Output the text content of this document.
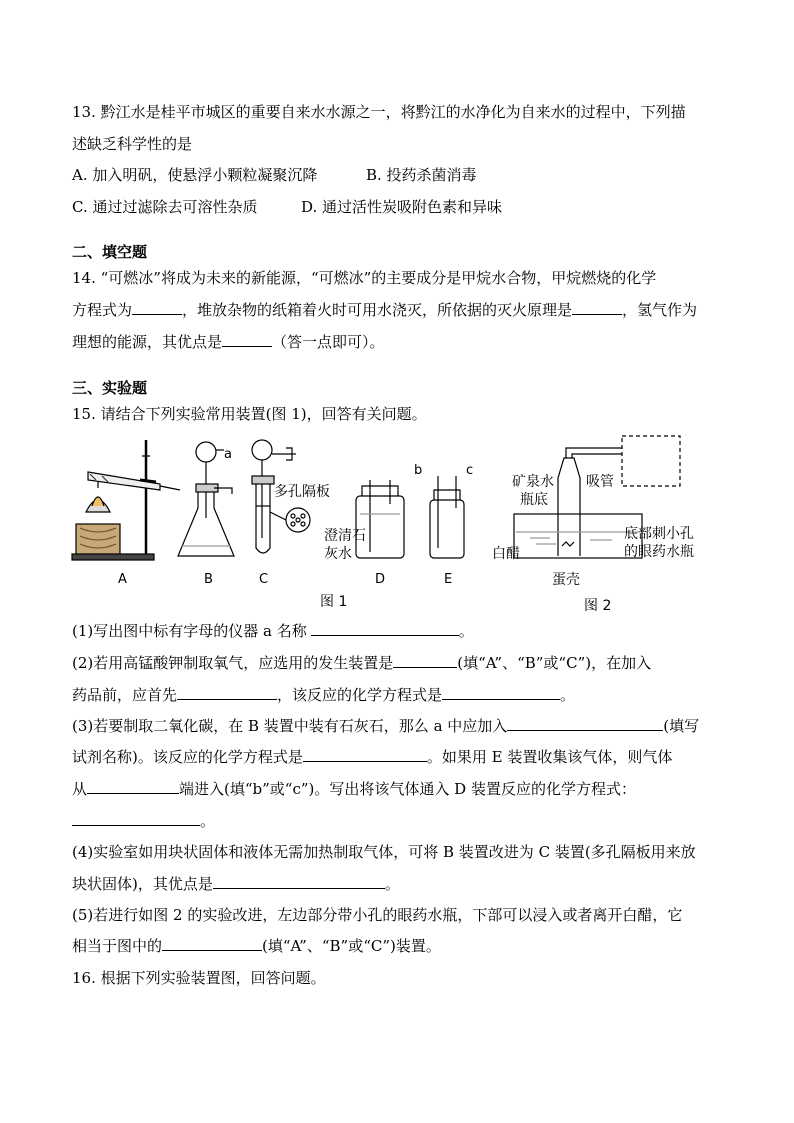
13. 黔江水是桂平市城区的重要自来水水源之一，将黔江的水净化为自来水的过程中，下列描
述缺乏科学性的是
A. 加入明矾，使悬浮小颗粒凝聚沉降	B. 投药杀菌消毒
C. 通过过滤除去可溶性杂质	D. 通过活性炭吸附色素和异味
二、填空题
14. “可燃冰”将成为未来的新能源，“可燃冰”的主要成分是甲烷水合物，甲烷燃烧的化学
方程式为	，堆放杂物的纸箱着火时可用水浇灭，所依据的灭火原理是	，氢气作为
理想的能源，其优点是	（答一点即可）。
三、实验题
15. 请结合下列实验常用装置(图 1)，回答有关问题。
A
a
B
多孔隔板
C
澄清石
灰水
D
b	c
E
图 1
吸管
矿泉水
瓶底
白醋
底部刺小孔
的眼药水瓶
蛋壳
图 2
(1)写出图中标有字母的仪器 a 名称	。
(2)若用高锰酸钾制取氧气，应选用的发生装置是	(填“A”、“B”或“C”)，在加入
药品前，应首先	，该反应的化学方程式是	。
(3)若要制取二氧化碳，在 B 装置中装有石灰石，那么 a 中应加入	(填写
试剂名称)。该反应的化学方程式是	。如果用 E 装置收集该气体，则气体
从	端进入(填“b”或“c”)。写出将该气体通入 D 装置反应的化学方程式：
。
(4)实验室如用块状固体和液体无需加热制取气体，可将 B 装置改进为 C 装置(多孔隔板用来放
块状固体)，其优点是	。
(5)若进行如图 2 的实验改进，左边部分带小孔的眼药水瓶，下部可以浸入或者离开白醋，它
相当于图中的	(填“A”、“B”或“C”)装置。
16. 根据下列实验装置图，回答问题。
